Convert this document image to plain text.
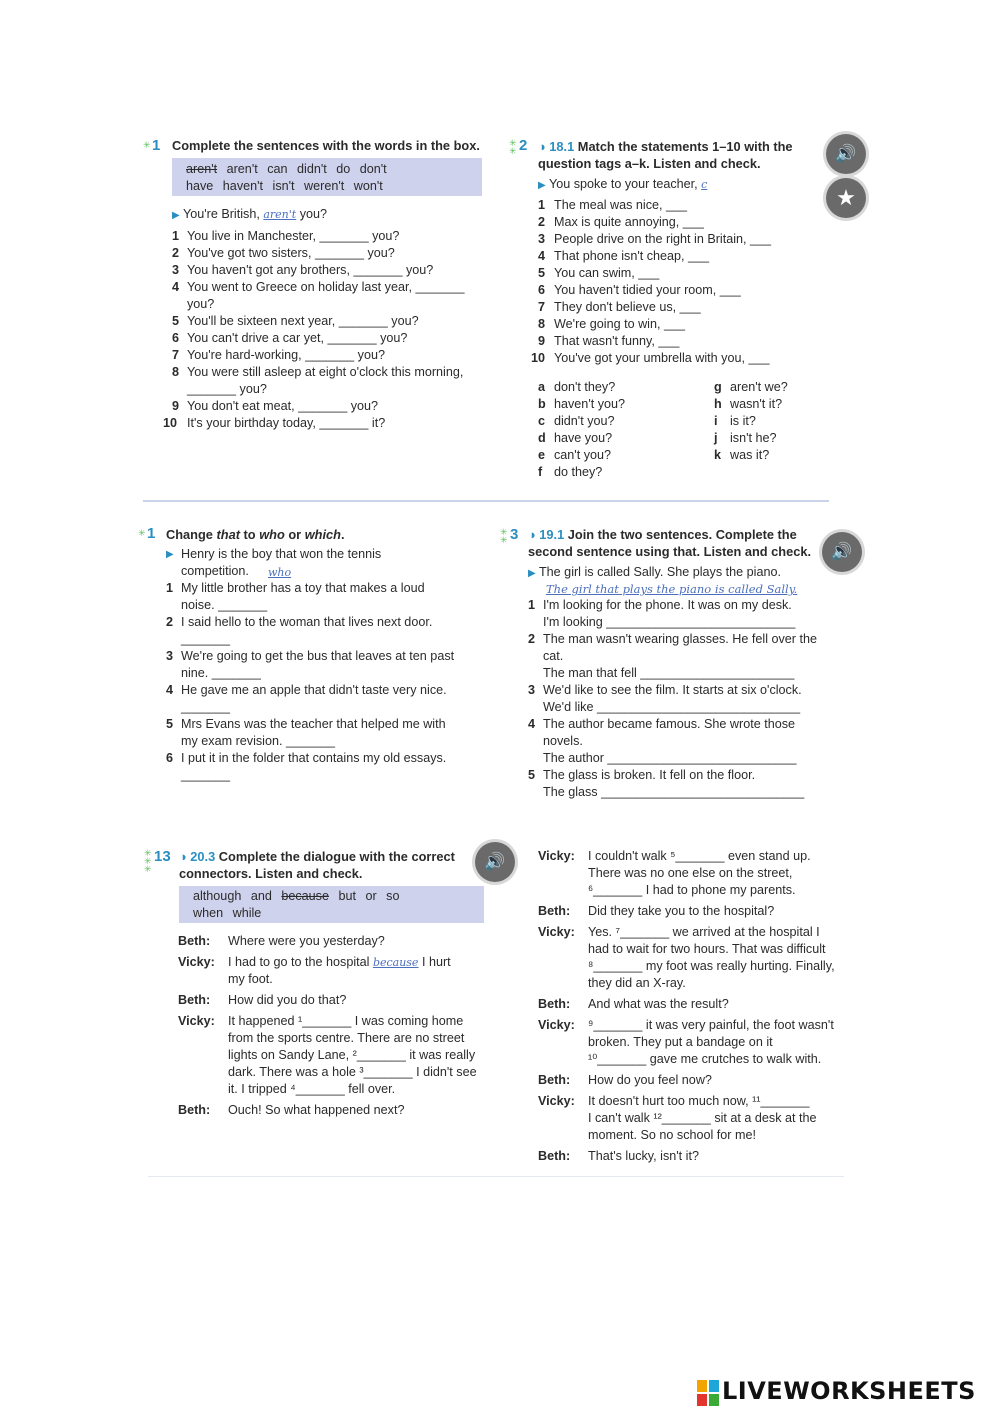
✳ 1 Complete the sentences with the words in the box.
aren't aren't can didn't do don't
have haven't isn't weren't won't
▶ You're British, aren't you?
1 You live in Manchester, _______ you?
2 You've got two sisters, _______ you?
3 You haven't got any brothers, _______ you?
4 You went to Greece on holiday last year, _______
you?
5 You'll be sixteen next year, _______ you?
6 You can't drive a car yet, _______ you?
7 You're hard-working, _______ you?
8 You were still asleep at eight o'clock this morning,
_______ you?
9 You don't eat meat, _______ you?
10 It's your birthday today, _______ it?
✳
✳ 2 ◑ 18.1 Match the statements 1–10 with the
question tags a–k. Listen and check.
🔊
★
▶ You spoke to your teacher, c
1 The meal was nice, ___
2 Max is quite annoying, ___
3 People drive on the right in Britain, ___
4 That phone isn't cheap, ___
5 You can swim, ___
6 You haven't tidied your room, ___
7 They don't believe us, ___
8 We're going to win, ___
9 That wasn't funny, ___
10 You've got your umbrella with you, ___
a don't they?
b haven't you?
c didn't you?
d have you?
e can't you?
f do they?
g aren't we?
h wasn't it?
i is it?
j isn't he?
k was it?
✳ 1 Change that to who or which.
▶
who
Henry is the boy that won the tennis
competition.
1 My little brother has a toy that makes a loud
noise. _______
2 I said hello to the woman that lives next door.
_______
3 We're going to get the bus that leaves at ten past
nine. _______
4 He gave me an apple that didn't taste very nice.
_______
5 Mrs Evans was the teacher that helped me with
my exam revision. _______
6 I put it in the folder that contains my old essays.
_______
✳
✳ 3 ◑ 19.1 Join the two sentences. Complete the
second sentence using that. Listen and check.	🔊
▶ The girl is called Sally. She plays the piano.
The girl that plays the piano is called Sally.
1 I'm looking for the phone. It was on my desk.
I'm looking ___________________________
2 The man wasn't wearing glasses. He fell over the
cat.
The man that fell ______________________
3 We'd like to see the film. It starts at six o'clock.
We'd like _____________________________
4 The author became famous. She wrote those
novels.
The author ___________________________
5 The glass is broken. It fell on the floor.
The glass _____________________________
✳
✳
✳
13 ◑ 20.3 Complete the dialogue with the correct
connectors. Listen and check.
🔊
although and because but or so
when while
Beth: Where were you yesterday?
Vicky: I had to go to the hospital because I hurt
my foot.
Beth: How did you do that?
Vicky: It happened ¹_______ I was coming home
from the sports centre. There are no street
lights on Sandy Lane, ²_______ it was really
dark. There was a hole ³_______ I didn't see
it. I tripped ⁴_______ fell over.
Beth: Ouch! So what happened next?
Vicky: I couldn't walk ⁵_______ even stand up.
There was no one else on the street,
⁶_______ I had to phone my parents.
Beth: Did they take you to the hospital?
Vicky: Yes. ⁷_______ we arrived at the hospital I
had to wait for two hours. That was difficult
⁸_______ my foot was really hurting. Finally,
they did an X-ray.
Beth: And what was the result?
Vicky: ⁹_______ it was very painful, the foot wasn't
broken. They put a bandage on it
¹⁰_______ gave me crutches to walk with.
Beth: How do you feel now?
Vicky: It doesn't hurt too much now, ¹¹_______
I can't walk ¹²_______ sit at a desk at the
moment. So no school for me!
Beth: That's lucky, isn't it?
LIVEWORKSHEETS
